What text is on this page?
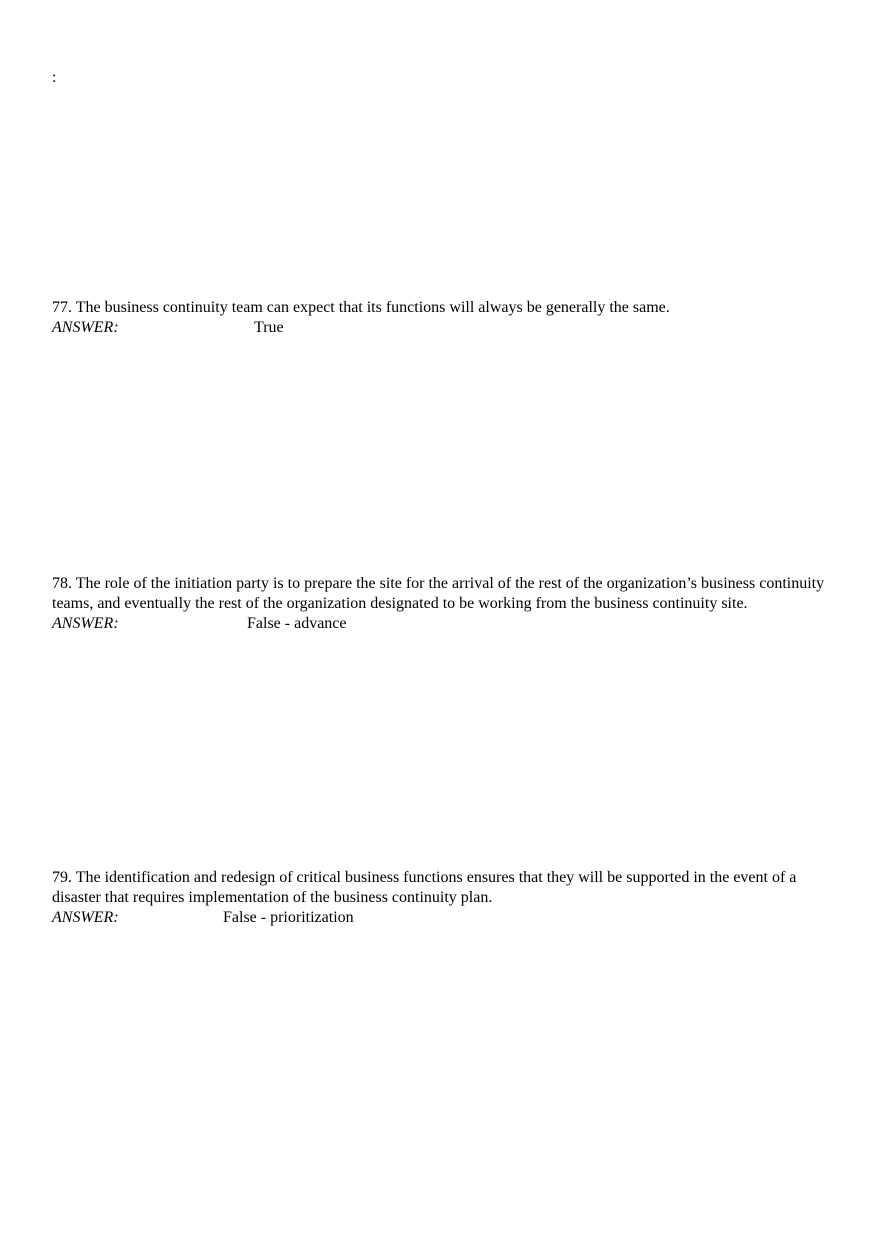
:

77. The business continuity team can expect that its functions will always be generally the same.

ANSWER:	True

78. The role of the initiation party is to prepare the site for the arrival of the rest of the organization’s business continuity teams, and eventually the rest of the organization designated to be working from the business continuity site.

ANSWER:	False - advance

79. The identification and redesign of critical business functions ensures that they will be supported in the event of a disaster that requires implementation of the business continuity plan.

ANSWER:	False - prioritization
